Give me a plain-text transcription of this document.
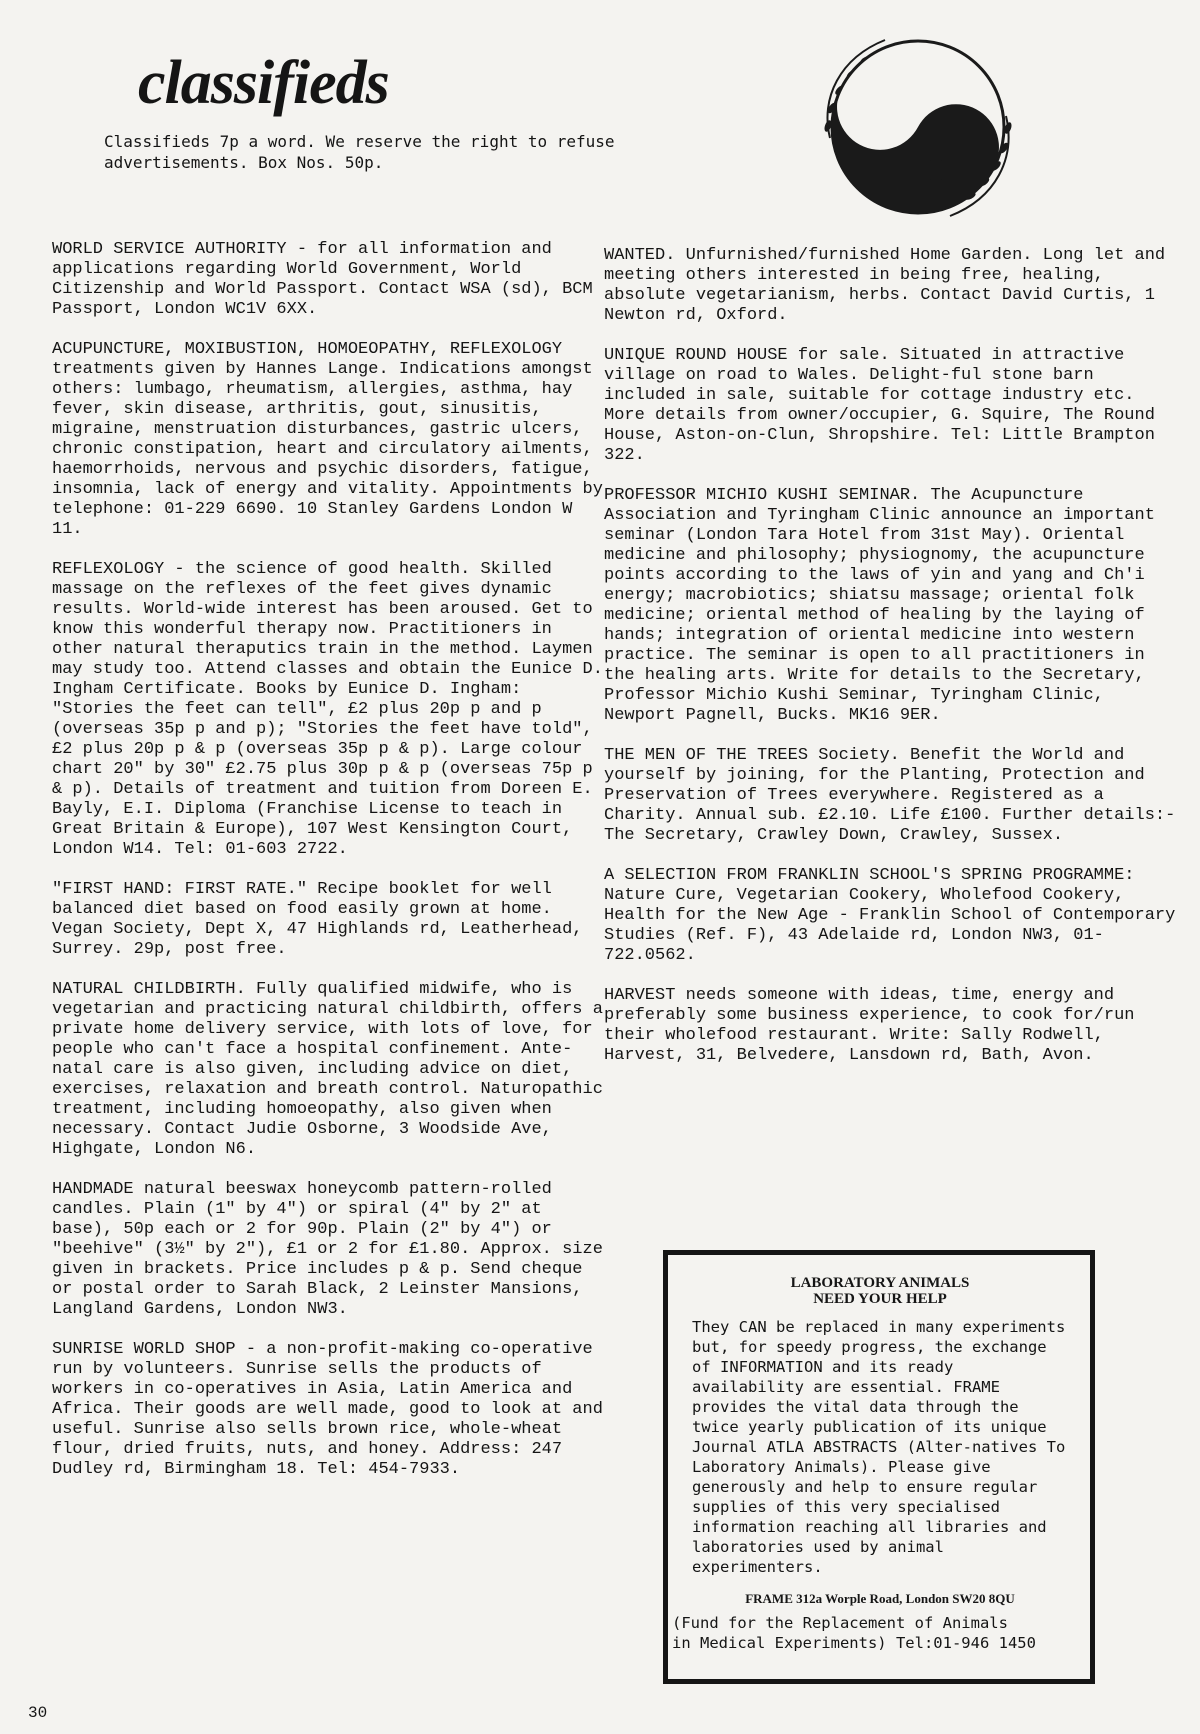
classifieds
Classifieds 7p a word. We reserve the right to refuse advertisements. Box Nos. 50p.

WORLD SERVICE AUTHORITY - for all information and applications regarding World Government, World Citizenship and World Passport. Contact WSA (sd), BCM Passport, London WC1V 6XX.

ACUPUNCTURE, MOXIBUSTION, HOMOEOPATHY, REFLEXOLOGY treatments given by Hannes Lange. Indications amongst others: lumbago, rheumatism, allergies, asthma, hay fever, skin disease, arthritis, gout, sinusitis, migraine, menstruation disturbances, gastric ulcers, chronic constipation, heart and circulatory ailments, haemorrhoids, nervous and psychic disorders, fatigue, insomnia, lack of energy and vitality. Appointments by telephone: 01-229 6690. 10 Stanley Gardens London W 11.

REFLEXOLOGY - the science of good health. Skilled massage on the reflexes of the feet gives dynamic results. World-wide interest has been aroused. Get to know this wonderful therapy now. Practitioners in other natural theraputics train in the method. Laymen may study too. Attend classes and obtain the Eunice D. Ingham Certificate. Books by Eunice D. Ingham: "Stories the feet can tell", £2 plus 20p p and p (overseas 35p p and p); "Stories the feet have told", £2 plus 20p p & p (overseas 35p p & p). Large colour chart 20" by 30" £2.75 plus 30p p & p (overseas 75p p & p). Details of treatment and tuition from Doreen E. Bayly, E.I. Diploma (Franchise License to teach in Great Britain & Europe), 107 West Kensington Court, London W14. Tel: 01-603 2722.

"FIRST HAND: FIRST RATE." Recipe booklet for well balanced diet based on food easily grown at home. Vegan Society, Dept X, 47 Highlands rd, Leatherhead, Surrey. 29p, post free.

NATURAL CHILDBIRTH. Fully qualified midwife, who is vegetarian and practicing natural childbirth, offers a private home delivery service, with lots of love, for people who can't face a hospital confinement. Ante-natal care is also given, including advice on diet, exercises, relaxation and breath control. Naturopathic treatment, including homoeopathy, also given when necessary. Contact Judie Osborne, 3 Woodside Ave, Highgate, London N6.

HANDMADE natural beeswax honeycomb pattern-rolled candles. Plain (1" by 4") or spiral (4" by 2" at base), 50p each or 2 for 90p. Plain (2" by 4") or "beehive" (3½" by 2"), £1 or 2 for £1.80. Approx. size given in brackets. Price includes p & p. Send cheque or postal order to Sarah Black, 2 Leinster Mansions, Langland Gardens, London NW3.

SUNRISE WORLD SHOP - a non-profit-making co-operative run by volunteers. Sunrise sells the products of workers in co-operatives in Asia, Latin America and Africa. Their goods are well made, good to look at and useful. Sunrise also sells brown rice, whole-wheat flour, dried fruits, nuts, and honey. Address: 247 Dudley rd, Birmingham 18. Tel: 454-7933.

WANTED. Unfurnished/furnished Home Garden. Long let and meeting others interested in being free, healing, absolute vegetarianism, herbs. Contact David Curtis, 1 Newton rd, Oxford.

UNIQUE ROUND HOUSE for sale. Situated in attractive village on road to Wales. Delight-ful stone barn included in sale, suitable for cottage industry etc. More details from owner/occupier, G. Squire, The Round House, Aston-on-Clun, Shropshire. Tel: Little Brampton 322.

PROFESSOR MICHIO KUSHI SEMINAR. The Acupuncture Association and Tyringham Clinic announce an important seminar (London Tara Hotel from 31st May). Oriental medicine and philosophy; physiognomy, the acupuncture points according to the laws of yin and yang and Ch'i energy; macrobiotics; shiatsu massage; oriental folk medicine; oriental method of healing by the laying of hands; integration of oriental medicine into western practice. The seminar is open to all practitioners in the healing arts. Write for details to the Secretary, Professor Michio Kushi Seminar, Tyringham Clinic, Newport Pagnell, Bucks. MK16 9ER.

THE MEN OF THE TREES Society. Benefit the World and yourself by joining, for the Planting, Protection and Preservation of Trees everywhere. Registered as a Charity. Annual sub. £2.10. Life £100. Further details:- The Secretary, Crawley Down, Crawley, Sussex.

A SELECTION FROM FRANKLIN SCHOOL'S SPRING PROGRAMME: Nature Cure, Vegetarian Cookery, Wholefood Cookery, Health for the New Age - Franklin School of Contemporary Studies (Ref. F), 43 Adelaide rd, London NW3, 01-722.0562.

HARVEST needs someone with ideas, time, energy and preferably some business experience, to cook for/run their wholefood restaurant. Write: Sally Rodwell, Harvest, 31, Belvedere, Lansdown rd, Bath, Avon.

LABORATORY ANIMALS
NEED YOUR HELP

They CAN be replaced in many experiments but, for speedy progress, the exchange of INFORMATION and its ready availability are essential. FRAME provides the vital data through the twice yearly publication of its unique Journal ATLA ABSTRACTS (Alter-natives To Laboratory Animals). Please give generously and help to ensure regular supplies of this very specialised information reaching all libraries and laboratories used by animal experimenters.

FRAME 312a Worple Road, London SW20 8QU
(Fund for the Replacement of Animals
in Medical Experiments) Tel:01-946 1450
30
